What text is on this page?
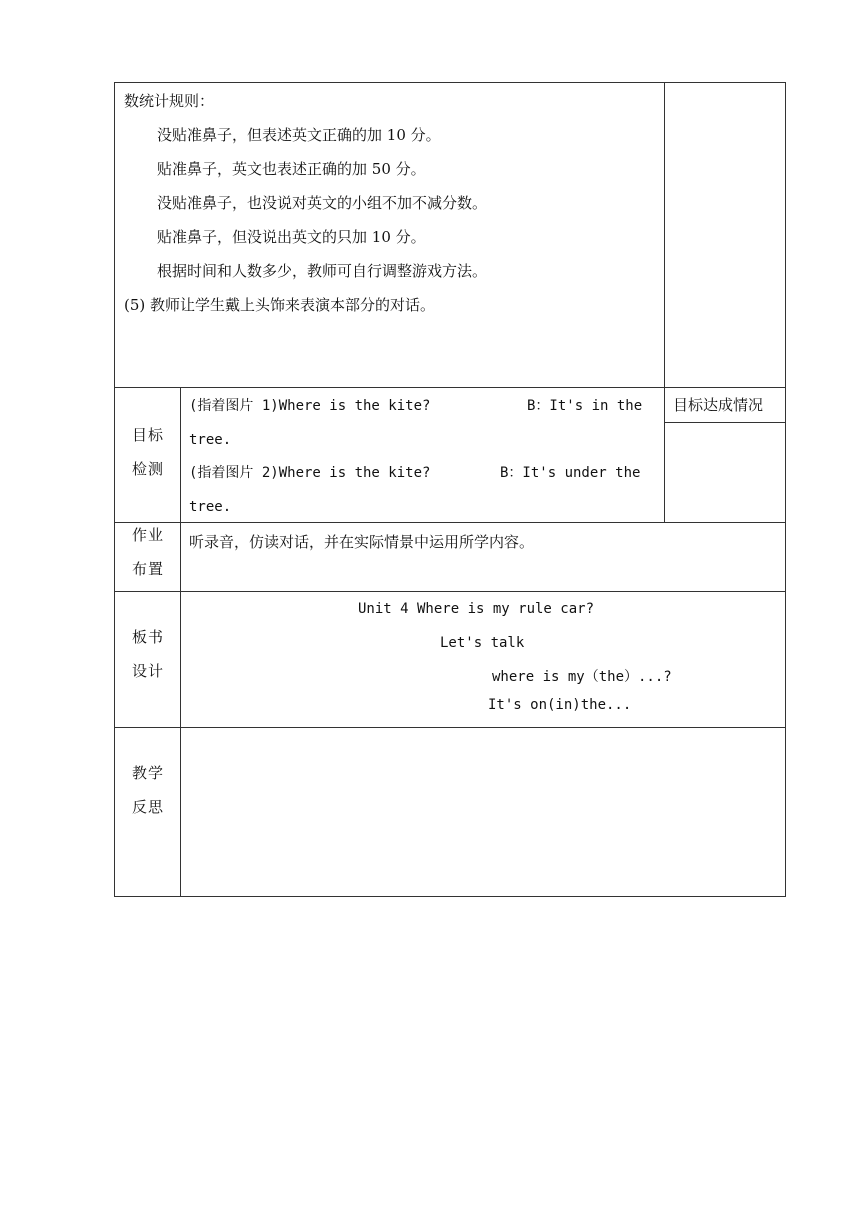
数统计规则：
没贴准鼻子，但表述英文正确的加 10 分。
贴准鼻子，英文也表述正确的加 50 分。
没贴准鼻子，也没说对英文的小组不加不减分数。
贴准鼻子，但没说出英文的只加 10 分。
根据时间和人数多少，教师可自行调整游戏方法。
(5) 教师让学生戴上头饰来表演本部分的对话。
目标
检测
目标达成情况
(指着图片 1)Where is the kite?	B：It's in the
tree.
(指着图片 2)Where is the kite?	B：It's under the
tree.
作业
布置
听录音，仿读对话，并在实际情景中运用所学内容。
板书
设计
Unit 4 Where is my rule car?
Let's talk
where is my（the）...?
It's on(in)the...
教学
反思
